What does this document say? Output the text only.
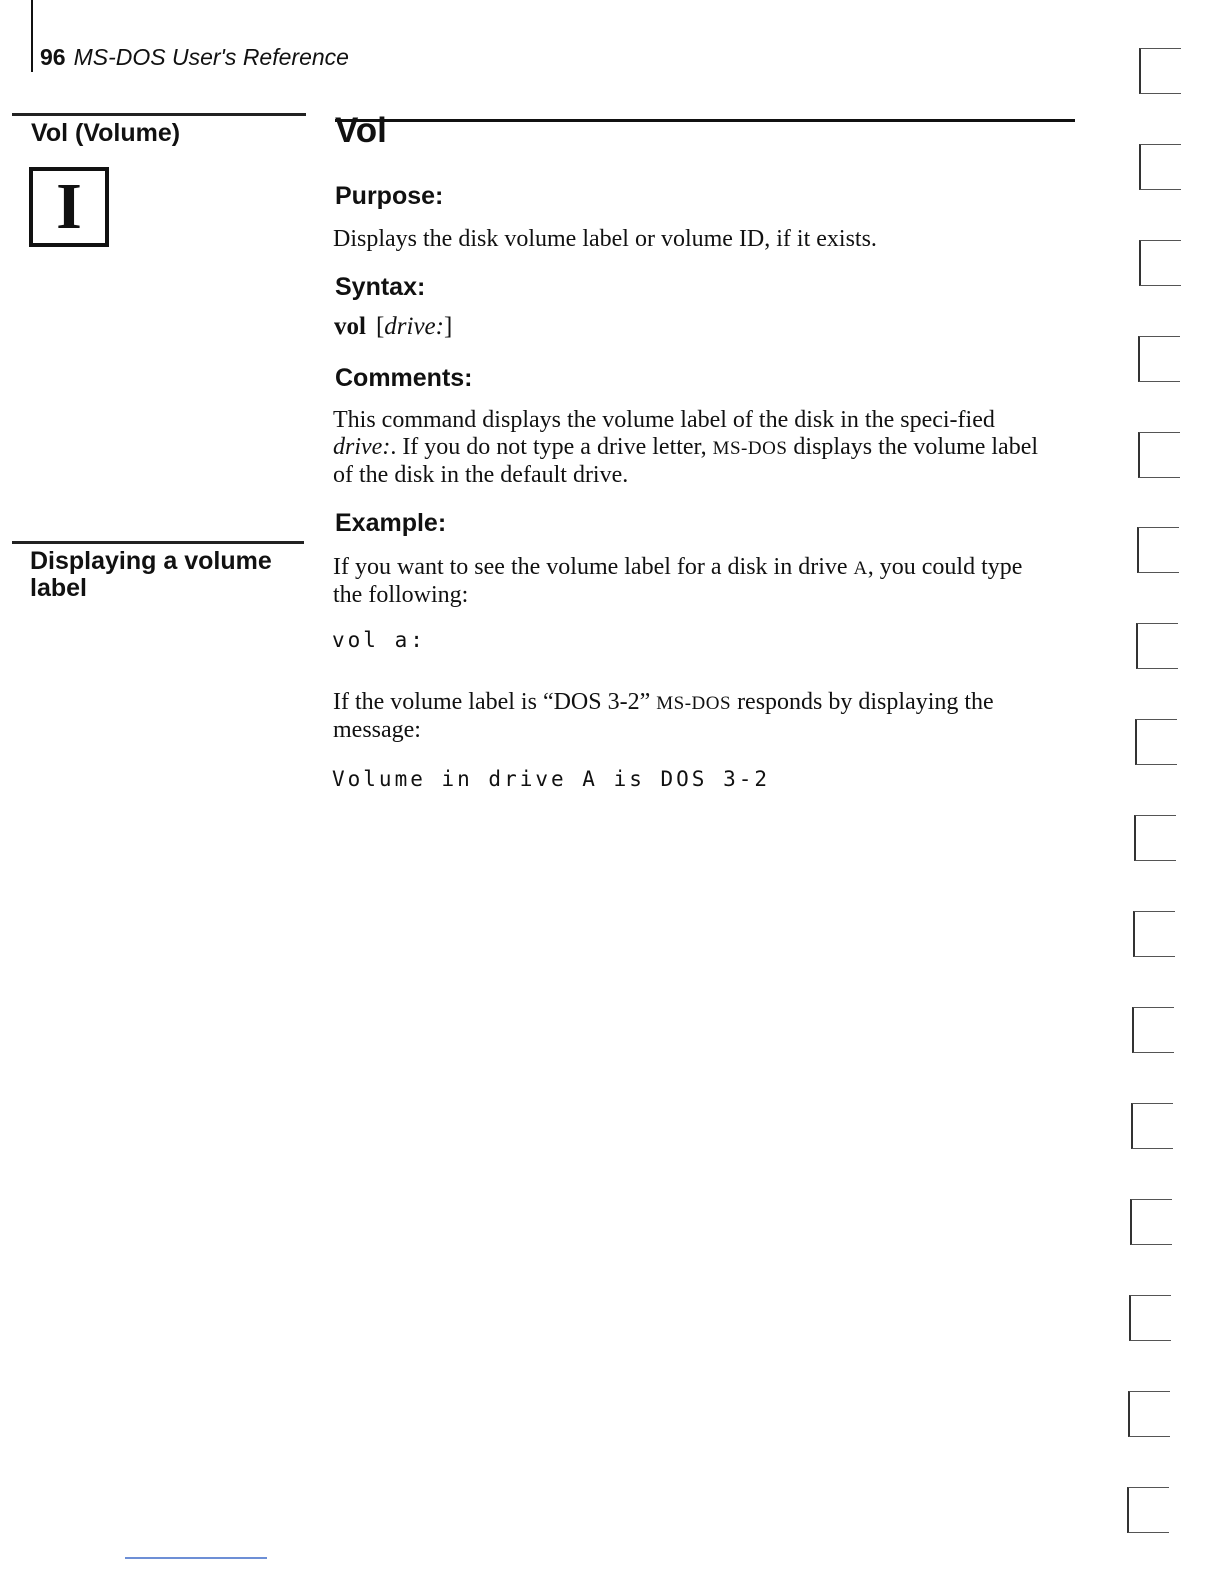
96 MS-DOS User's Reference
Vol (Volume)
I
Displaying a volume label
Vol
Purpose:
Displays the disk volume label or volume ID, if it exists.
Syntax:
vol [drive:]
Comments:
This command displays the volume label of the disk in the speci-fied drive:. If you do not type a drive letter, MS-DOS displays the volume label of the disk in the default drive.
Example:
If you want to see the volume label for a disk in drive A, you could type the following:
vol a:
If the volume label is “DOS 3-2” MS-DOS responds by displaying the message:
Volume in drive A is DOS 3-2
